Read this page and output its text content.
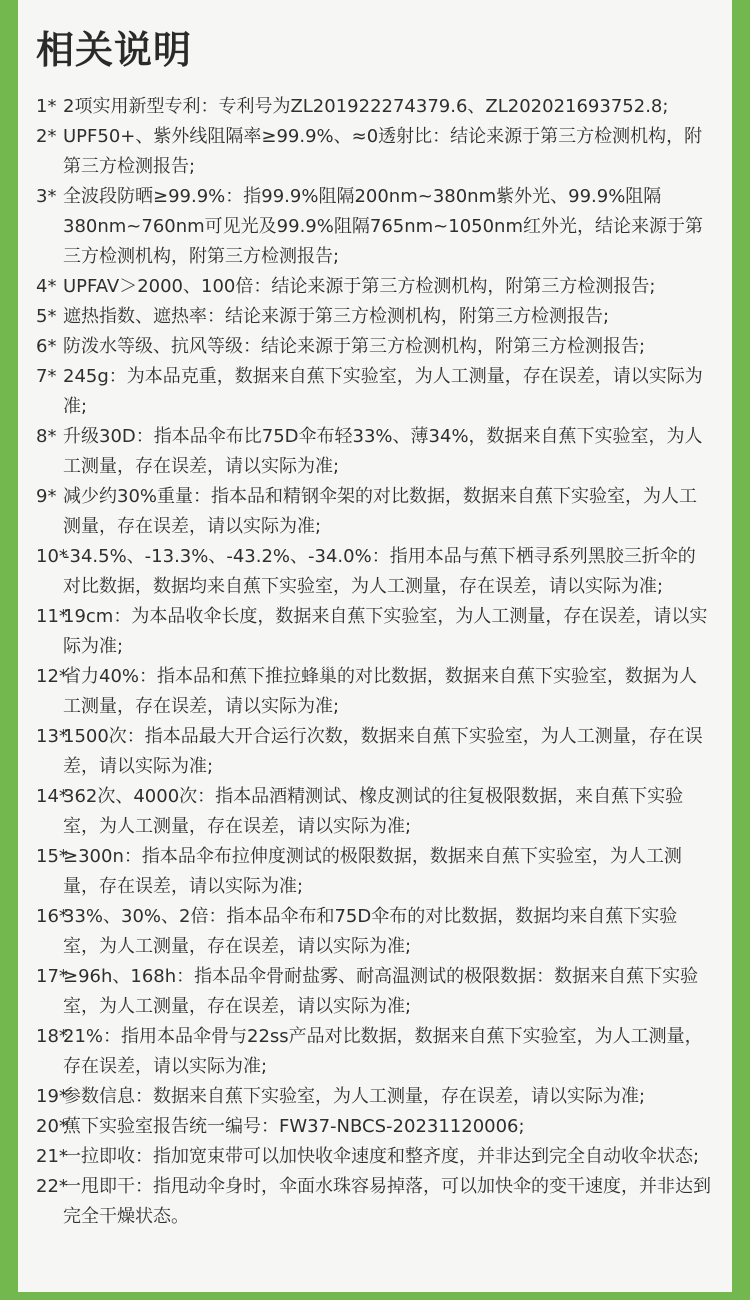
相关说明
1* 2项实用新型专利：专利号为ZL201922274379.6、ZL202021693752.8;
2* UPF50+、紫外线阻隔率≥99.9%、≈0透射比：结论来源于第三方检测机构，附第三方检测报告;
3* 全波段防晒≥99.9%：指99.9%阻隔200nm~380nm紫外光、99.9%阻隔380nm~760nm可见光及99.9%阻隔765nm~1050nm红外光，结论来源于第三方检测机构，附第三方检测报告;
4* UPFAV＞2000、100倍：结论来源于第三方检测机构，附第三方检测报告;
5* 遮热指数、遮热率：结论来源于第三方检测机构，附第三方检测报告;
6* 防泼水等级、抗风等级：结论来源于第三方检测机构，附第三方检测报告;
7* 245g：为本品克重，数据来自蕉下实验室，为人工测量，存在误差，请以实际为准;
8* 升级30D：指本品伞布比75D伞布轻33%、薄34%，数据来自蕉下实验室，为人工测量，存在误差，请以实际为准;
9* 减少约30%重量：指本品和精钢伞架的对比数据，数据来自蕉下实验室，为人工测量，存在误差，请以实际为准;
10*
-34.5%、-13.3%、-43.2%、-34.0%：指用本品与蕉下栖寻系列黑胶三折伞的对比数据，数据均来自蕉下实验室，为人工测量，存在误差，请以实际为准;
11*
19cm：为本品收伞长度，数据来自蕉下实验室，为人工测量，存在误差，请以实际为准;
12*
省力40%：指本品和蕉下推拉蜂巢的对比数据，数据来自蕉下实验室，数据为人工测量，存在误差，请以实际为准;
13*
1500次：指本品最大开合运行次数，数据来自蕉下实验室，为人工测量，存在误差，请以实际为准;
14*
362次、4000次：指本品酒精测试、橡皮测试的往复极限数据，来自蕉下实验室，为人工测量，存在误差，请以实际为准;
15*
≥300n：指本品伞布拉伸度测试的极限数据，数据来自蕉下实验室，为人工测量，存在误差，请以实际为准;
16*
33%、30%、2倍：指本品伞布和75D伞布的对比数据，数据均来自蕉下实验室，为人工测量，存在误差，请以实际为准;
17*
≥96h、168h：指本品伞骨耐盐雾、耐高温测试的极限数据：数据来自蕉下实验室，为人工测量，存在误差，请以实际为准;
18*
21%：指用本品伞骨与22ss产品对比数据，数据来自蕉下实验室，为人工测量，存在误差，请以实际为准;
19*
参数信息：数据来自蕉下实验室，为人工测量，存在误差，请以实际为准;
20*
蕉下实验室报告统一编号：FW37-NBCS-20231120006;
21*
一拉即收：指加宽束带可以加快收伞速度和整齐度，并非达到完全自动收伞状态;
22*
一甩即干：指甩动伞身时，伞面水珠容易掉落，可以加快伞的变干速度，并非达到完全干燥状态。
